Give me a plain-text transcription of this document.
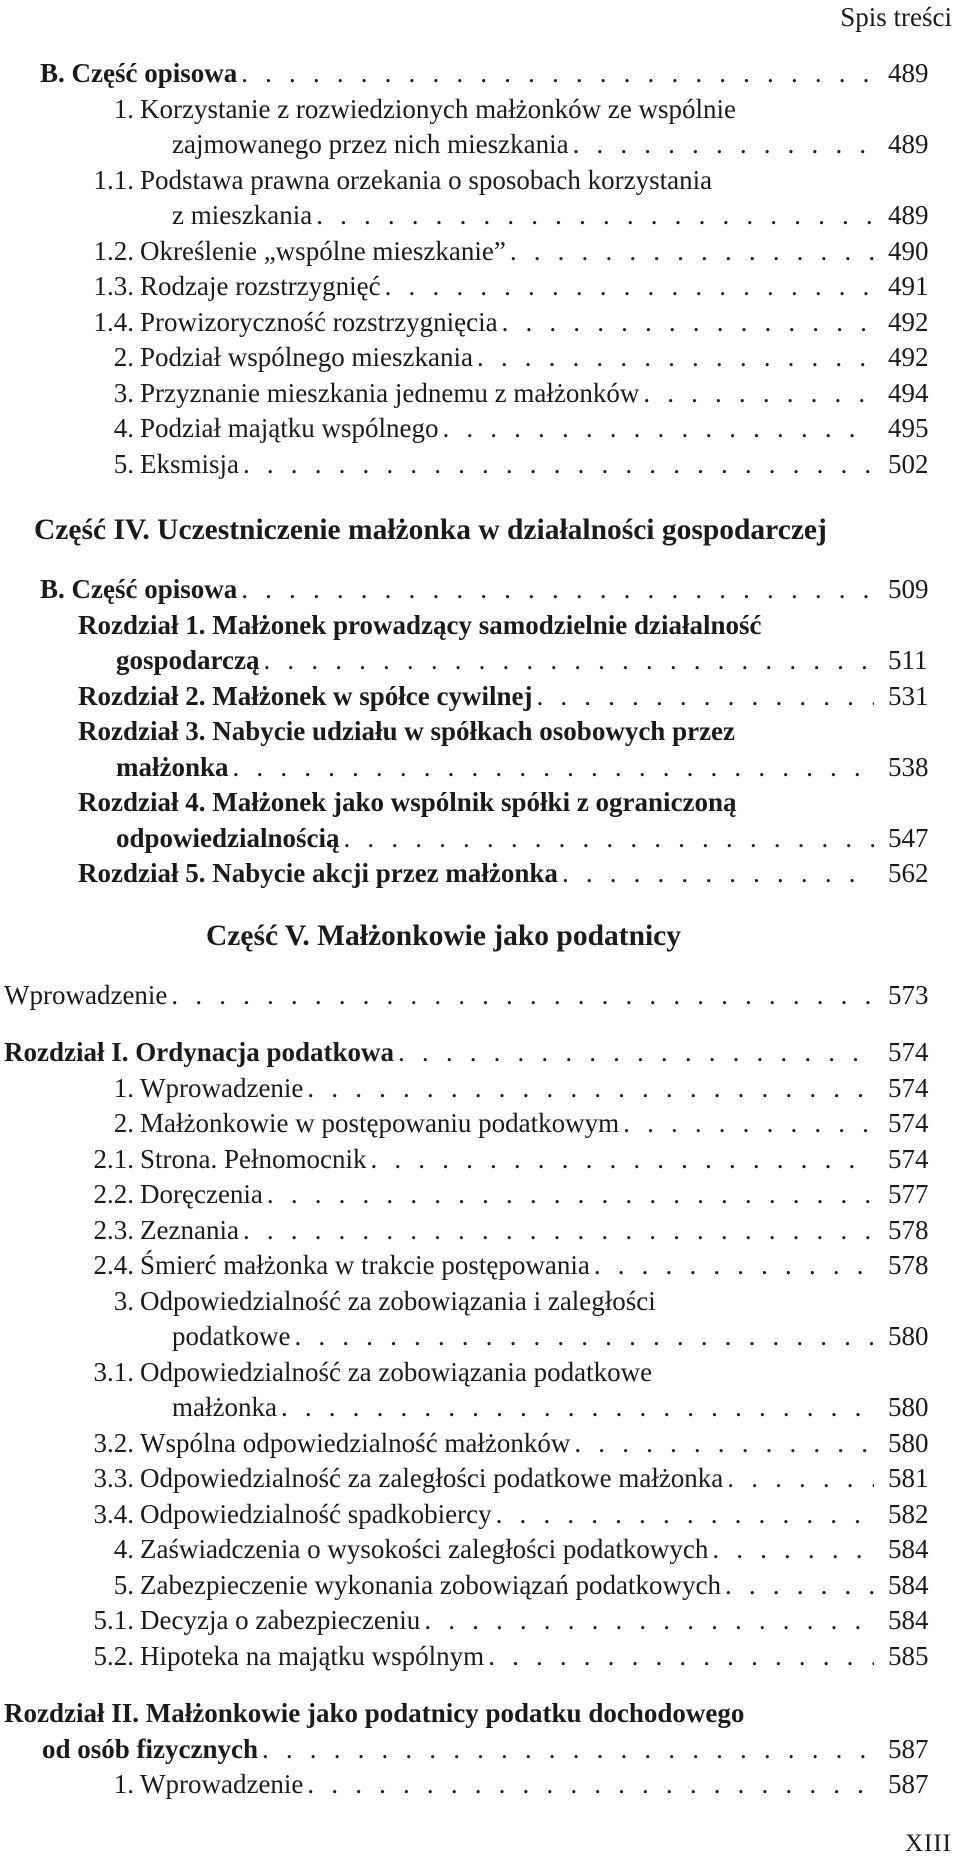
Spis treści
B. Część opisowa . . .	489
1. Korzystanie z rozwiedzionych małżonków ze wspólnie
zajmowanego przez nich mieszkania . . .	489
1.1. Podstawa prawna orzekania o sposobach korzystania
z mieszkania . . .	489
1.2. Określenie „wspólne mieszkanie” . . .	490
1.3. Rodzaje rozstrzygnięć . . .	491
1.4. Prowizoryczność rozstrzygnięcia . . .	492
2. Podział wspólnego mieszkania . . .	492
3. Przyznanie mieszkania jednemu z małżonków . . .	494
4. Podział majątku wspólnego . . .	495
5. Eksmisja . . .	502
Część IV. Uczestniczenie małżonka w działalności gospodarczej
B. Część opisowa . . .	509
Rozdział 1. Małżonek prowadzący samodzielnie działalność
gospodarczą . . .	511
Rozdział 2. Małżonek w spółce cywilnej . . .	531
Rozdział 3. Nabycie udziału w spółkach osobowych przez
małżonka . . .	538
Rozdział 4. Małżonek jako wspólnik spółki z ograniczoną
odpowiedzialnością . . .	547
Rozdział 5. Nabycie akcji przez małżonka . . .	562
Część V. Małżonkowie jako podatnicy
Wprowadzenie . . .	573
Rozdział I. Ordynacja podatkowa . . .	574
1. Wprowadzenie . . .	574
2. Małżonkowie w postępowaniu podatkowym . . .	574
2.1. Strona. Pełnomocnik . . .	574
2.2. Doręczenia . . .	577
2.3. Zeznania . . .	578
2.4. Śmierć małżonka w trakcie postępowania . . .	578
3. Odpowiedzialność za zobowiązania i zaległości
podatkowe . . .	580
3.1. Odpowiedzialność za zobowiązania podatkowe
małżonka . . .	580
3.2. Wspólna odpowiedzialność małżonków . . .	580
3.3. Odpowiedzialność za zaległości podatkowe małżonka . . .	581
3.4. Odpowiedzialność spadkobiercy . . .	582
4. Zaświadczenia o wysokości zaległości podatkowych . . .	584
5. Zabezpieczenie wykonania zobowiązań podatkowych . . .	584
5.1. Decyzja o zabezpieczeniu . . .	584
5.2. Hipoteka na majątku wspólnym . . .	585
Rozdział II. Małżonkowie jako podatnicy podatku dochodowego
od osób fizycznych . . .	587
1. Wprowadzenie . . .	587
XIII
